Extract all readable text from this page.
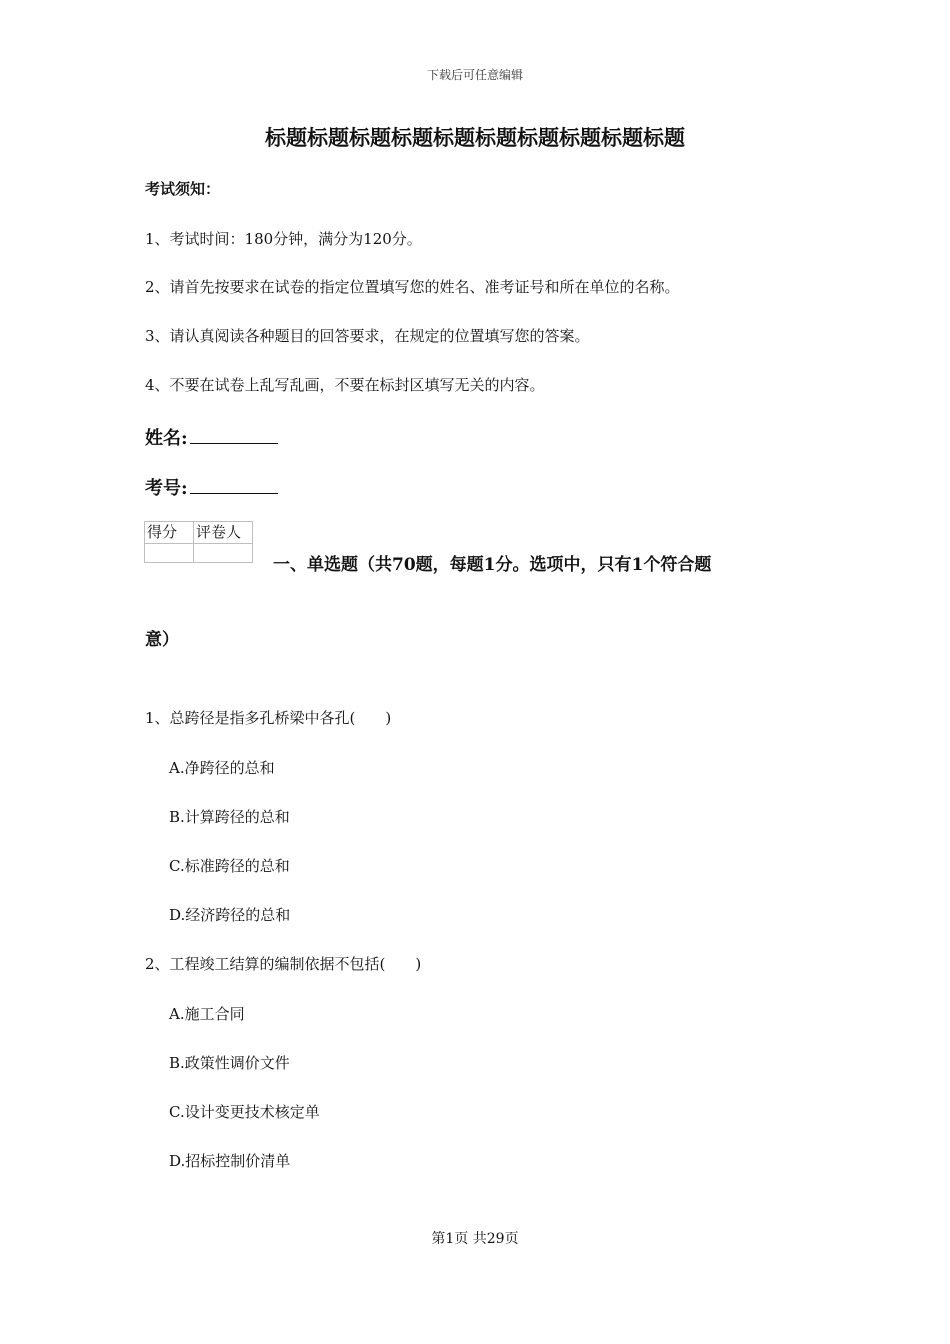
下载后可任意编辑
标题标题标题标题标题标题标题标题标题标题
考试须知：
1、考试时间：180分钟，满分为120分。
2、请首先按要求在试卷的指定位置填写您的姓名、准考证号和所在单位的名称。
3、请认真阅读各种题目的回答要求，在规定的位置填写您的答案。
4、不要在试卷上乱写乱画，不要在标封区填写无关的内容。
姓名:
考号:
得分	评卷人

一、单选题（共70题，每题1分。选项中，只有1个符合题
意）
1、总跨径是指多孔桥梁中各孔(　　)
A.净跨径的总和
B.计算跨径的总和
C.标准跨径的总和
D.经济跨径的总和
2、工程竣工结算的编制依据不包括(　　)
A.施工合同
B.政策性调价文件
C.设计变更技术核定单
D.招标控制价清单
第1页 共29页
